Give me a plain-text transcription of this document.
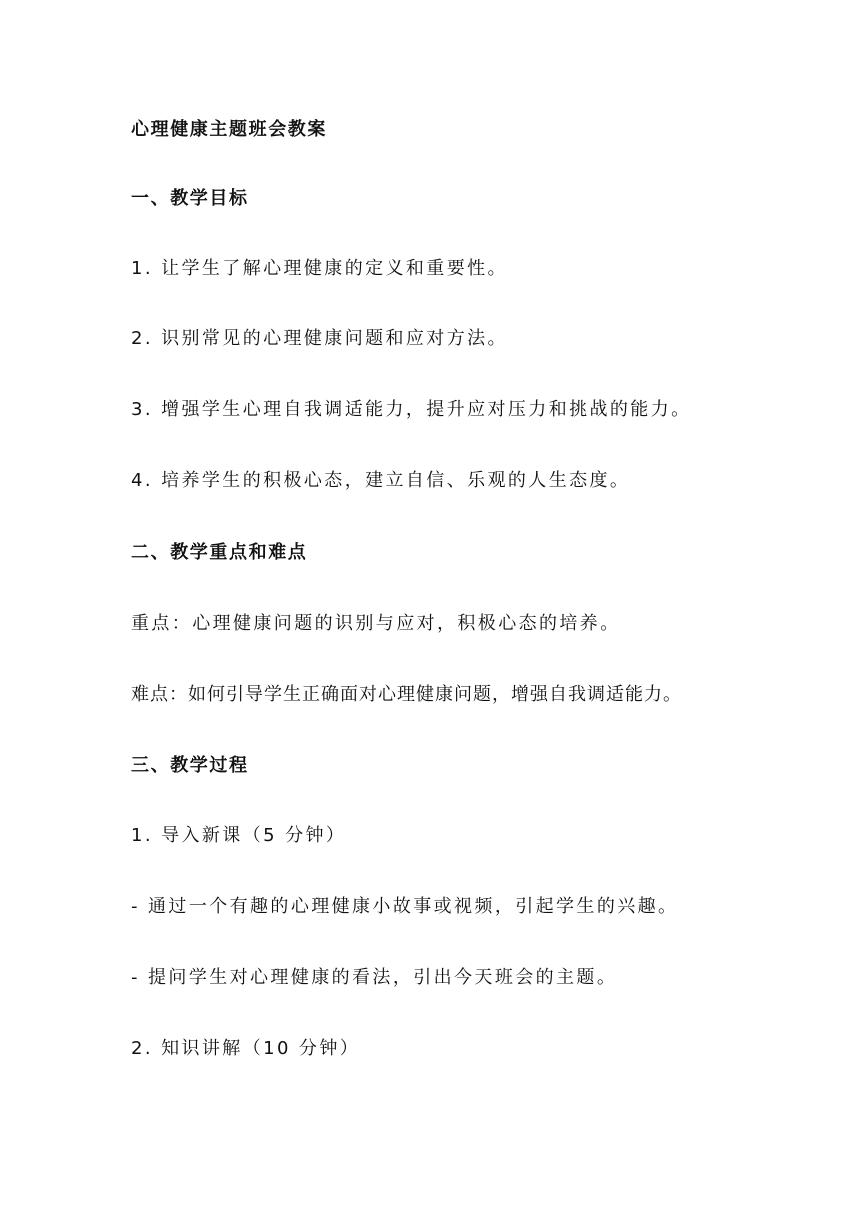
心理健康主题班会教案
一、教学目标
1. 让学生了解心理健康的定义和重要性。
2. 识别常见的心理健康问题和应对方法。
3. 增强学生心理自我调适能力，提升应对压力和挑战的能力。
4. 培养学生的积极心态，建立自信、乐观的人生态度。
二、教学重点和难点
重点：心理健康问题的识别与应对，积极心态的培养。
难点：如何引导学生正确面对心理健康问题，增强自我调适能力。
三、教学过程
1. 导入新课（5 分钟）
- 通过一个有趣的心理健康小故事或视频，引起学生的兴趣。
- 提问学生对心理健康的看法，引出今天班会的主题。
2. 知识讲解（10 分钟）
